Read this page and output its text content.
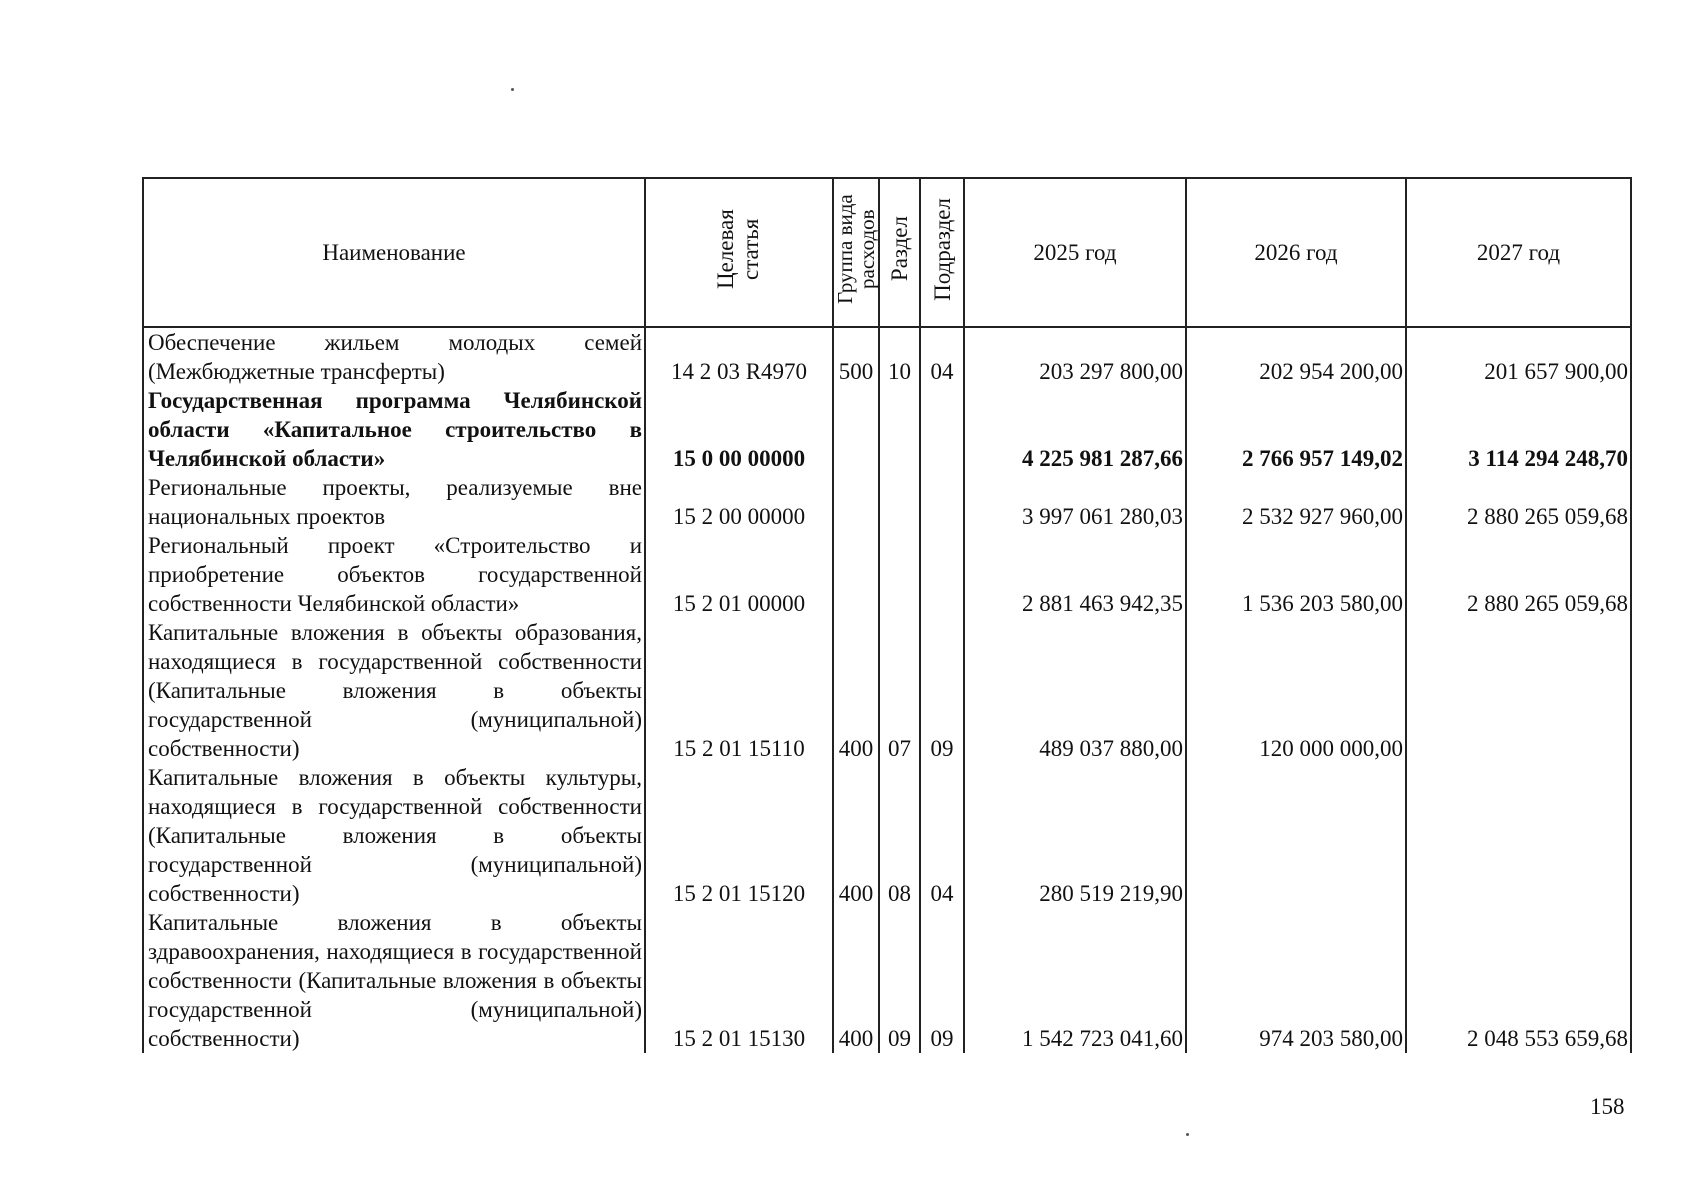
Наименование	Целевая статья	Группа вида расходов	Раздел	Подраздел	2025 год	2026 год	2027 год
Обеспечение жильем молодых семей (Межбюджетные трансферты)	14 2 03 R4970	500	10	04	203 297 800,00	202 954 200,00	201 657 900,00
Государственная программа Челябинской области «Капитальное строительство в Челябинской области»	15 0 00 00000				4 225 981 287,66	2 766 957 149,02	3 114 294 248,70
Региональные проекты, реализуемые вне национальных проектов	15 2 00 00000				3 997 061 280,03	2 532 927 960,00	2 880 265 059,68
Региональный проект «Строительство и приобретение объектов государственной собственности Челябинской области»	15 2 01 00000				2 881 463 942,35	1 536 203 580,00	2 880 265 059,68
Капитальные вложения в объекты образования, находящиеся в государственной собственности (Капитальные вложения в объекты государственной (муниципальной) собственности)	15 2 01 15110	400	07	09	489 037 880,00	120 000 000,00	
Капитальные вложения в объекты культуры, находящиеся в государственной собственности (Капитальные вложения в объекты государственной (муниципальной) собственности)	15 2 01 15120	400	08	04	280 519 219,90		
Капитальные вложения в объекты здравоохранения, находящиеся в государственной собственности (Капитальные вложения в объекты государственной (муниципальной) собственности)	15 2 01 15130	400	09	09	1 542 723 041,60	974 203 580,00	2 048 553 659,68
158
